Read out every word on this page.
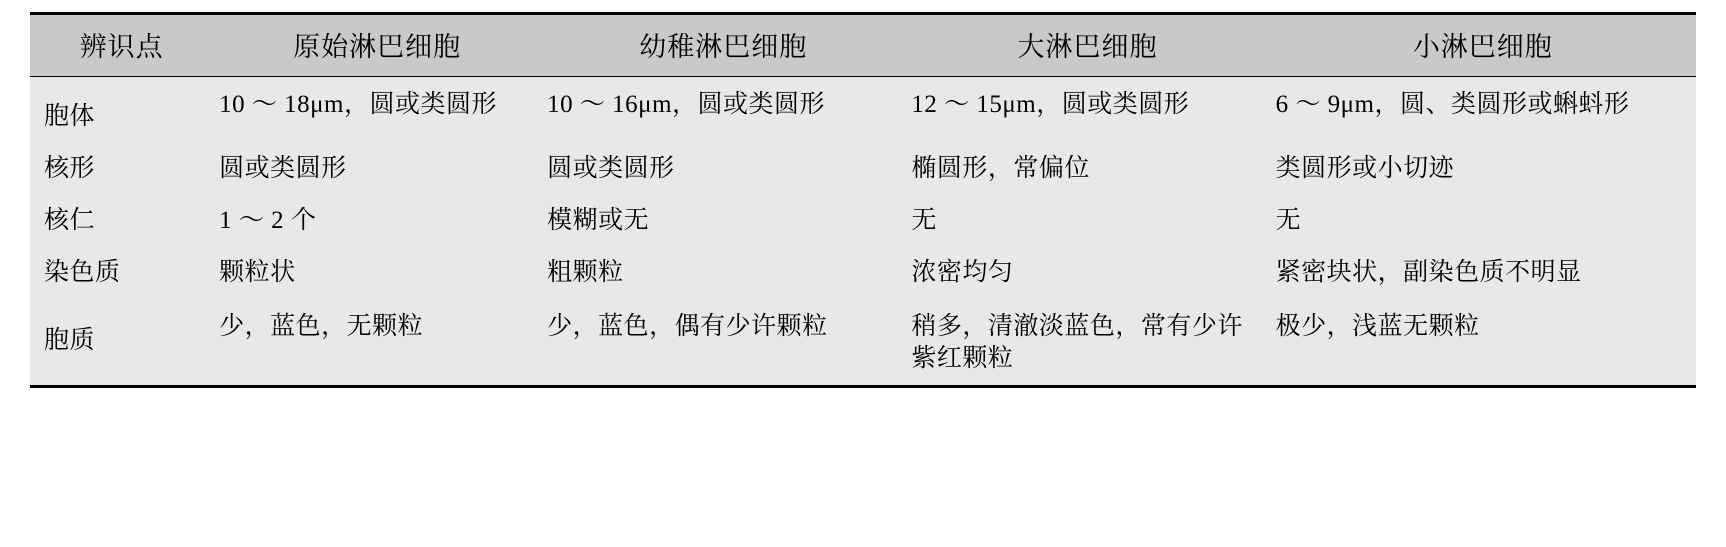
辨识点	原始淋巴细胞	幼稚淋巴细胞	大淋巴细胞	小淋巴细胞
胞体	10 ～ 18μm，圆或类圆形	10 ～ 16μm，圆或类圆形	12 ～ 15μm，圆或类圆形	6 ～ 9μm，圆、类圆形或蝌蚪形
核形	圆或类圆形	圆或类圆形	椭圆形，常偏位	类圆形或小切迹
核仁	1 ～ 2 个	模糊或无	无	无
染色质	颗粒状	粗颗粒	浓密均匀	紧密块状，副染色质不明显
胞质	少，蓝色，无颗粒	少，蓝色，偶有少许颗粒	稍多，清澈淡蓝色，常有少许紫红颗粒	极少，浅蓝无颗粒
